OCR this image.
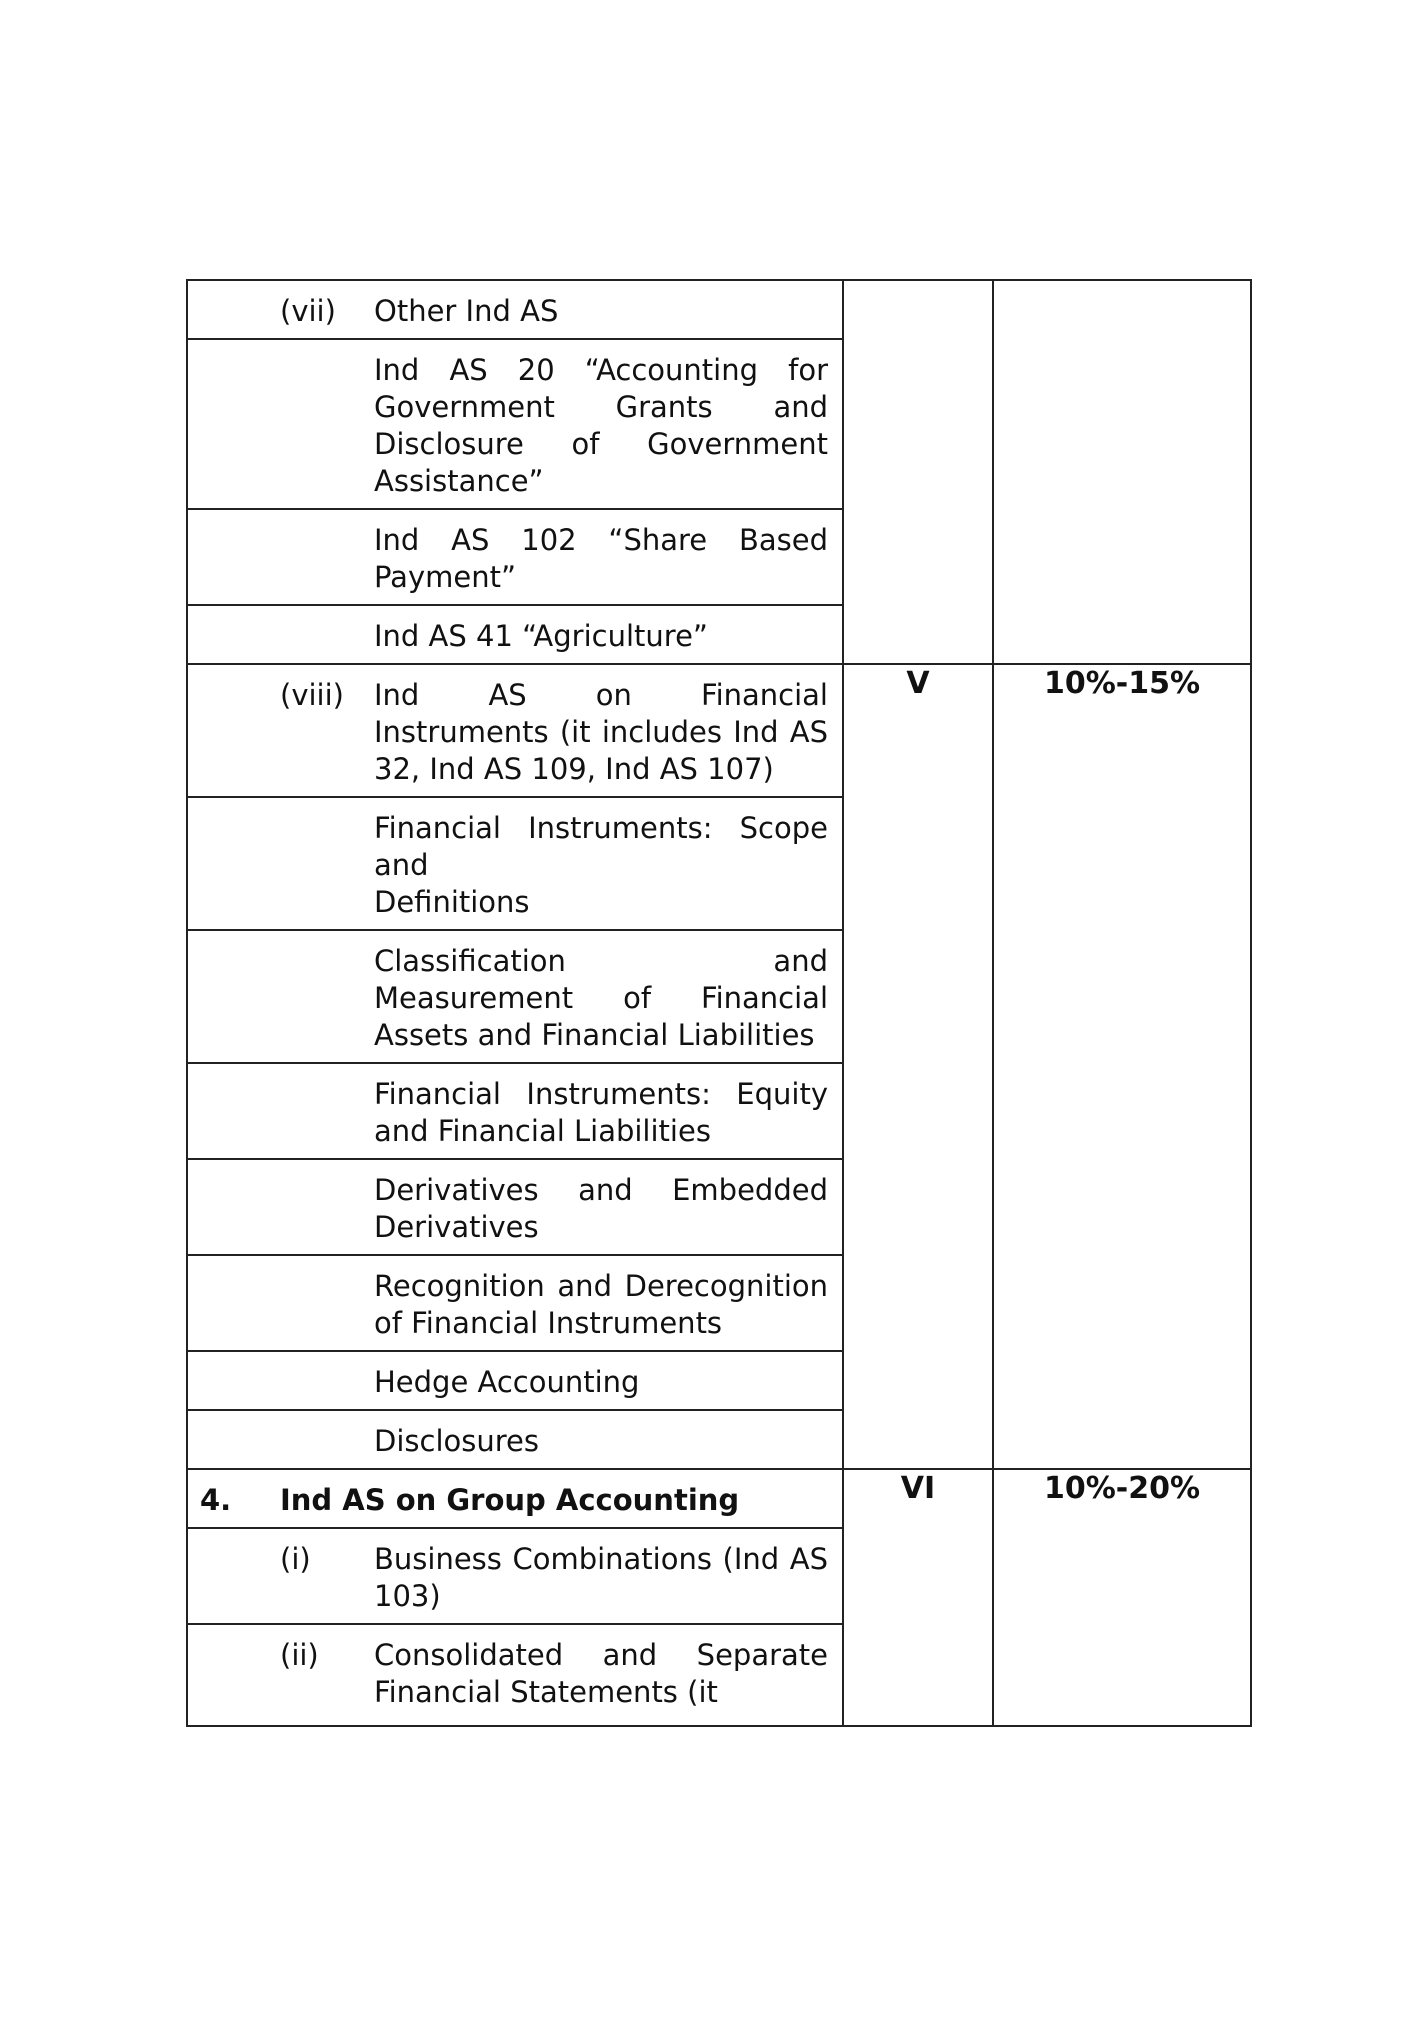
(vii) Other Ind AS		

Ind AS 20 “Accounting for Government Grants and Disclosure of Government Assistance”		

Ind AS 102 “Share Based Payment”		

Ind AS 41 “Agriculture”		

(viii) Ind AS on Financial Instruments (it includes Ind AS 32, Ind AS 109, Ind AS 107)	V	10%-15%

Financial Instruments: Scope and
Definitions		

Classification and Measurement of Financial Assets and Financial Liabilities		

Financial Instruments: Equity and Financial Liabilities		

Derivatives and Embedded Derivatives		

Recognition and Derecognition of Financial Instruments		

Hedge Accounting		

Disclosures		

4. Ind AS on Group Accounting	VI	10%-20%

(i) Business Combinations (Ind AS 103)		

(ii) Consolidated and Separate Financial Statements (it		
